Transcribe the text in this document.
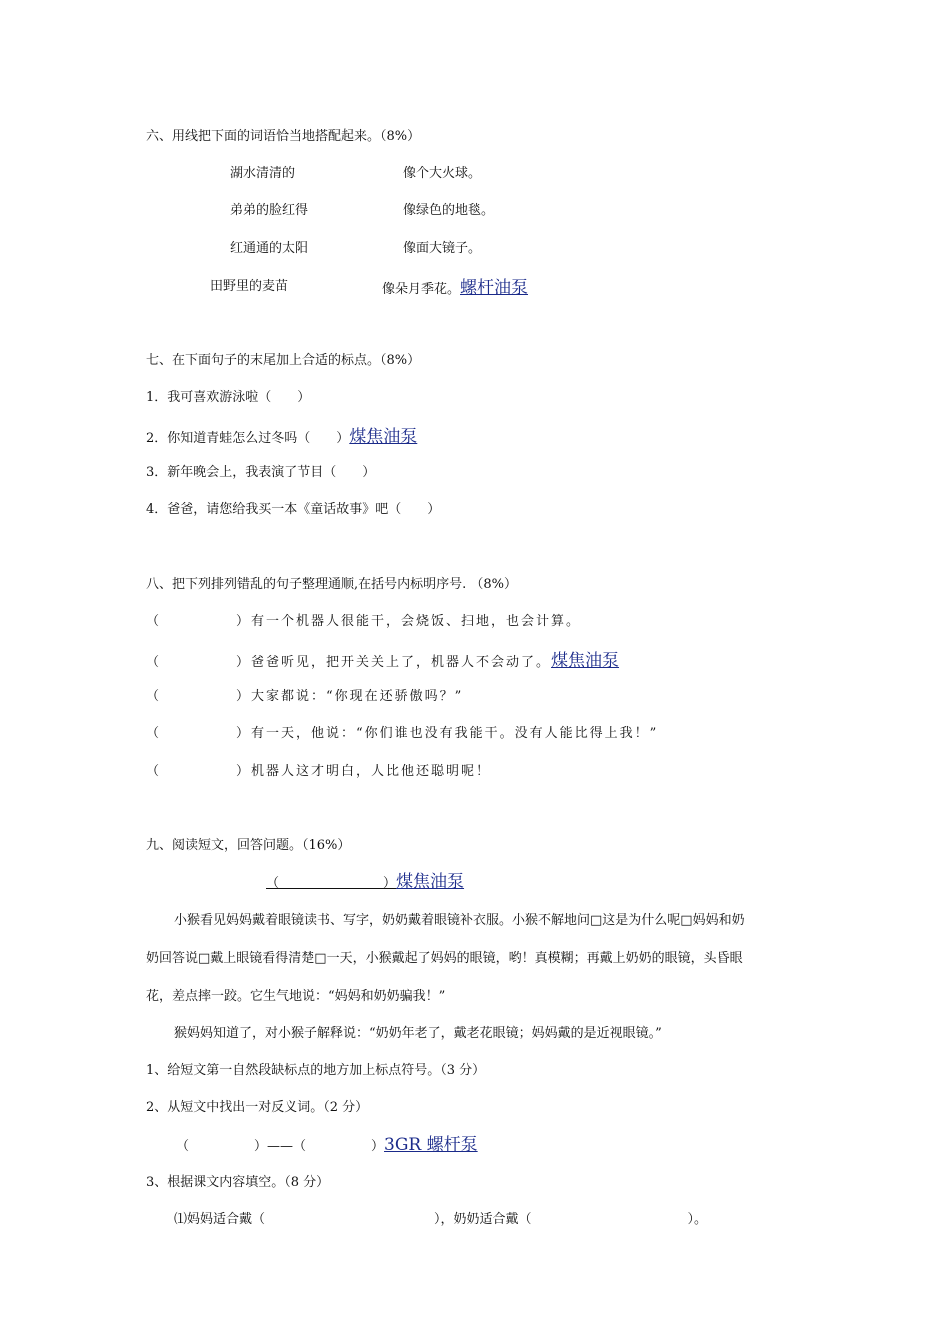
六、用线把下面的词语恰当地搭配起来。（8%）
湖水清清的	像个大火球。
弟弟的脸红得	像绿色的地毯。
红通通的太阳	像面大镜子。
田野里的麦苗	像朵月季花。螺杆油泵
七、在下面句子的末尾加上合适的标点。（8%）
1．我可喜欢游泳啦（　　）
2．你知道青蛙怎么过冬吗（　　）煤焦油泵
3．新年晚会上，我表演了节目（　　）
4．爸爸，请您给我买一本《童话故事》吧（　　）
八、把下列排列错乱的句子整理通顺,在括号内标明序号. （8%）
（　　　　　）有一个机器人很能干，会烧饭、扫地，也会计算。
（　　　　　）爸爸听见，把开关关上了，机器人不会动了。煤焦油泵
（　　　　　）大家都说：“你现在还骄傲吗？”
（　　　　　）有一天，他说：“你们谁也没有我能干。没有人能比得上我！”
（　　　　　）机器人这才明白，人比他还聪明呢！
九、阅读短文，回答问题。（16%）
（　　　　　　　　）煤焦油泵
小猴看见妈妈戴着眼镜读书、写字，奶奶戴着眼镜补衣服。小猴不解地问□这是为什么呢□妈妈和奶
奶回答说□戴上眼镜看得清楚□一天，小猴戴起了妈妈的眼镜，哟！真模糊；再戴上奶奶的眼镜，头昏眼
花，差点摔一跤。它生气地说：“妈妈和奶奶骗我！”
猴妈妈知道了，对小猴子解释说：“奶奶年老了，戴老花眼镜；妈妈戴的是近视眼镜。”
1、给短文第一自然段缺标点的地方加上标点符号。（3 分）
2、从短文中找出一对反义词。（2 分）
（　　　　　）——（　　　　　）3GR 螺杆泵
3、根据课文内容填空。（8 分）
⑴妈妈适合戴（　　　　　　　　　　　　　），奶奶适合戴（　　　　　　　　　　　　）。
